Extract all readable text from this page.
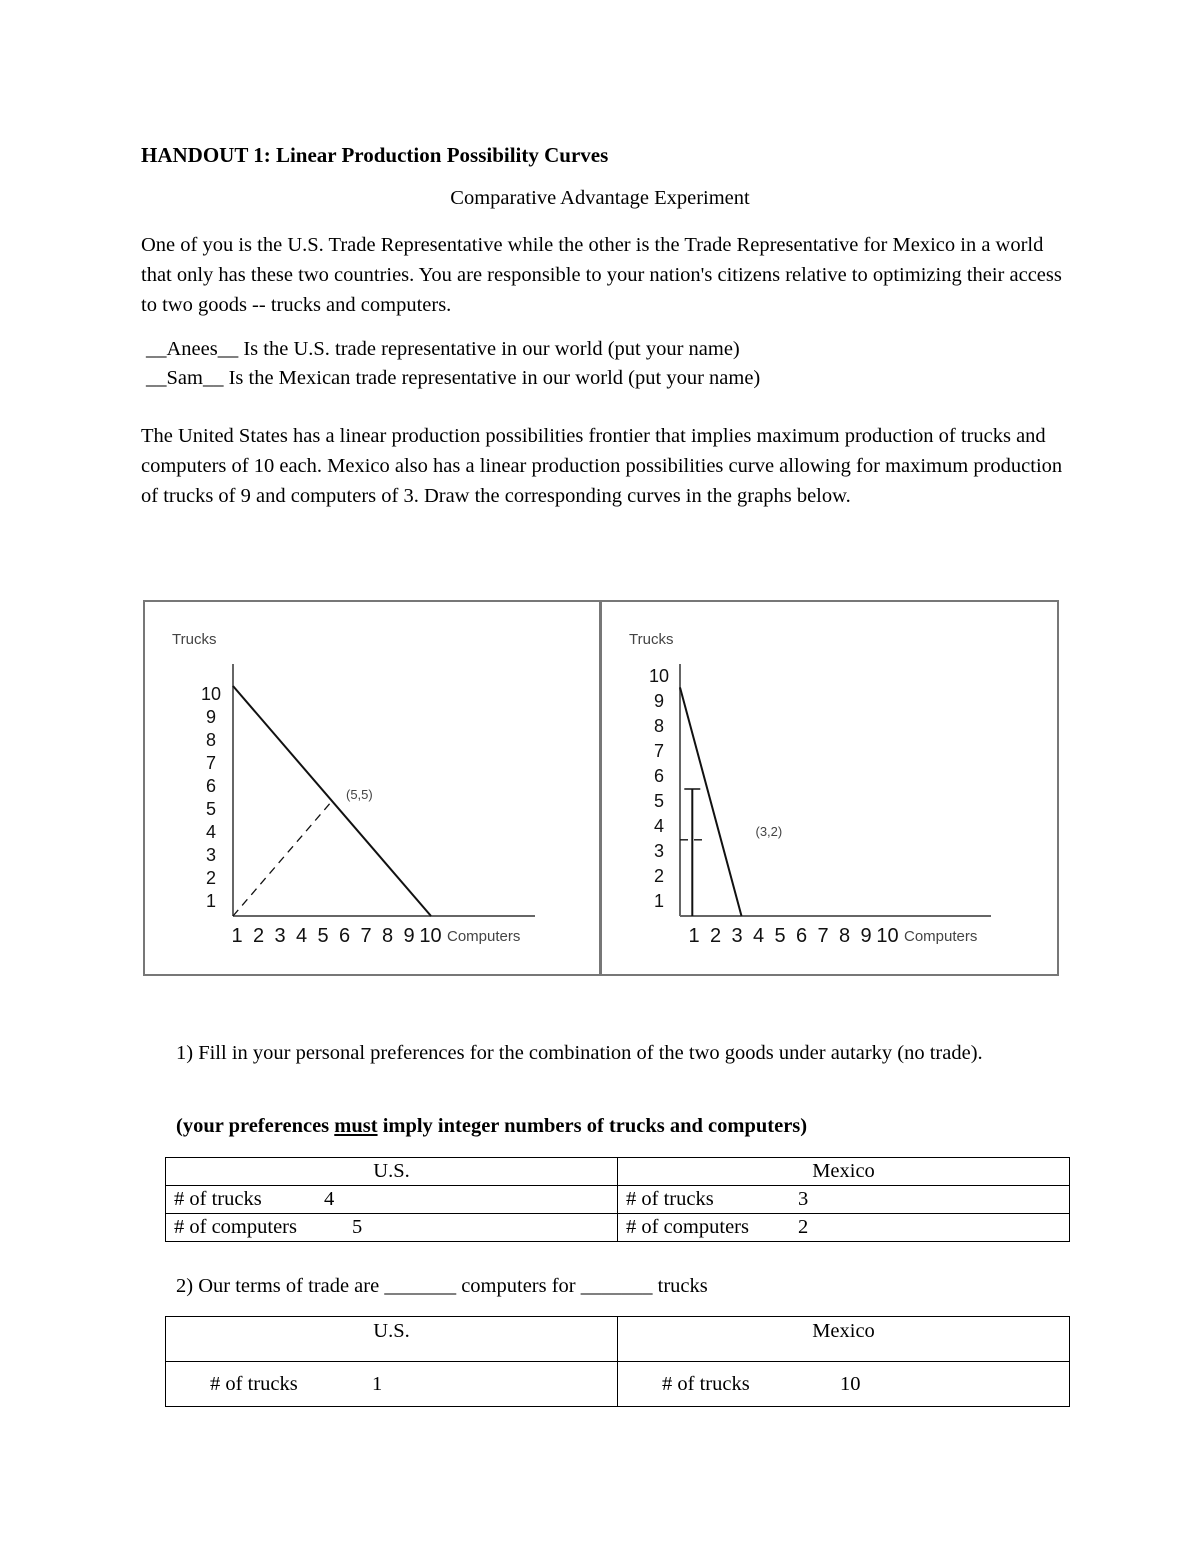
HANDOUT 1: Linear Production Possibility Curves

Comparative Advantage Experiment

One of you is the U.S. Trade Representative while the other is the Trade Representative for Mexico in a world that only has these two countries. You are responsible to your nation's citizens relative to optimizing their access to two goods -- trucks and computers.

__Anees__ Is the U.S. trade representative in our world (put your name)

__Sam__ Is the Mexican trade representative in our world (put your name)

The United States has a linear production possibilities frontier that implies maximum production of trucks and computers of 10 each. Mexico also has a linear production possibilities curve allowing for maximum production of trucks of 9 and computers of 3. Draw the corresponding curves in the graphs below.

Trucks
Computers
1
2
3
4
5
6
7
8
9
10
1 2 3 4 5 6 7 8 9 10
(5,5)
Trucks
Computers
1
2
3
4
5
6
7
8
9
10
1 2 3 4 5 6 7 8 9 10
(3,2)

1) Fill in your personal preferences for the combination of the two goods under autarky (no trade).

(your preferences must imply integer numbers of trucks and computers)

U.S.	Mexico
# of trucks 4	# of trucks 3
# of computers 5	# of computers 2

2) Our terms of trade are _______ computers for _______ trucks

U.S.	Mexico
# of trucks 1	# of trucks 10
